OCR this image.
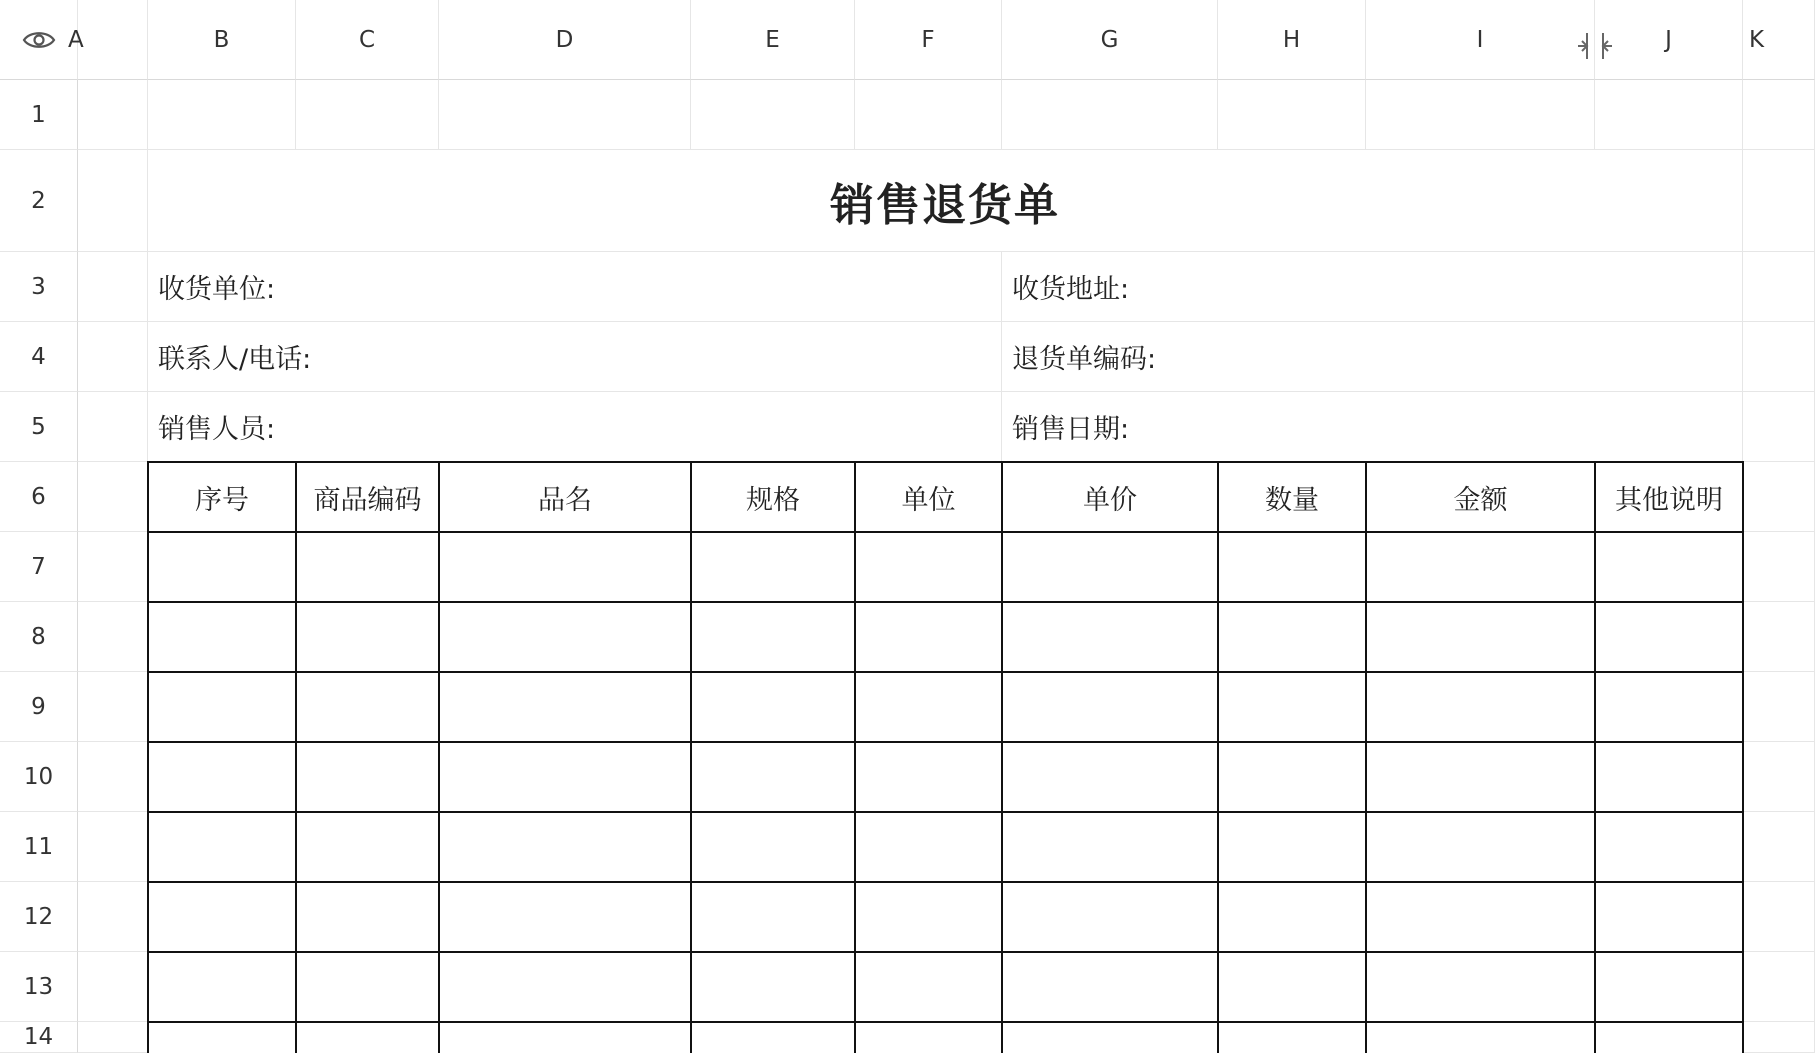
A	B	C	D	E	F	G	H	I	J	K
1
2
3
4
5
6
7
8
9
10
11
12
13
14
销售退货单
收货单位:	收货地址:
联系人/电话:	退货单编码:
销售人员:	销售日期:
序号	商品编码	品名	规格	单位	单价	数量	金额	其他说明
